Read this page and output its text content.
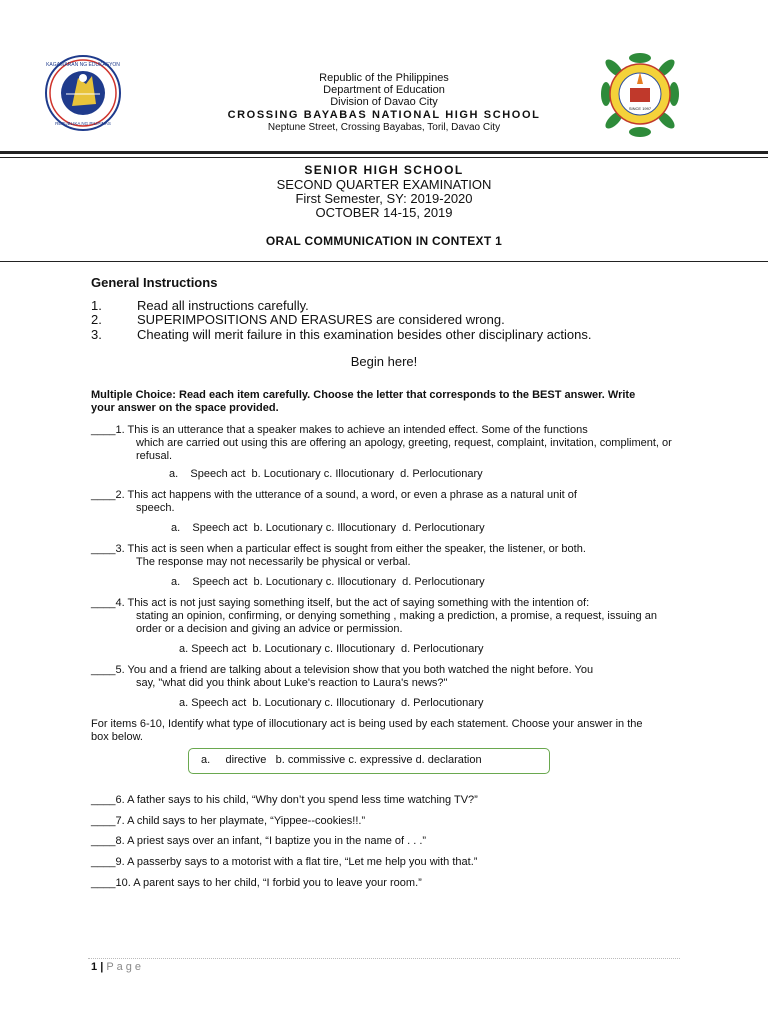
KAGAWARAN NG EDUKASYON
REPUBLIKA NG PILIPINAS
SINCE 1997
Republic of the Philippines
Department of Education
Division of Davao City
CROSSING BAYABAS NATIONAL HIGH SCHOOL
Neptune Street, Crossing Bayabas, Toril, Davao City
SENIOR HIGH SCHOOL
SECOND QUARTER EXAMINATION
First Semester, SY: 2019-2020
OCTOBER 14-15, 2019
ORAL COMMUNICATION IN CONTEXT 1
General Instructions
1.	Read all instructions carefully.
2.	SUPERIMPOSITIONS AND ERASURES are considered wrong.
3.	Cheating will merit failure in this examination besides other disciplinary actions.
Begin here!
Multiple Choice: Read each item carefully. Choose the letter that corresponds to the BEST answer. Write your answer on the space provided.
____1. This is an utterance that a speaker makes to achieve an intended effect. Some of the functions
which are carried out using this are offering an apology, greeting, request, complaint, invitation, compliment, or refusal.
a.    Speech act  b. Locutionary c. Illocutionary  d. Perlocutionary
____2. This act happens with the utterance of a sound, a word, or even a phrase as a natural unit of
speech.
a.    Speech act  b. Locutionary c. Illocutionary  d. Perlocutionary
____3. This act is seen when a particular effect is sought from either the speaker, the listener, or both.
The response may not necessarily be physical or verbal.
a.    Speech act  b. Locutionary c. Illocutionary  d. Perlocutionary
____4. This act is not just saying something itself, but the act of saying something with the intention of:
stating an opinion, confirming, or denying something , making a prediction, a promise, a request, issuing an order or a decision and giving an advice or permission.
a. Speech act  b. Locutionary c. Illocutionary  d. Perlocutionary
____5. You and a friend are talking about a television show that you both watched the night before. You
say, "what did you think about Luke's reaction to Laura's news?"
a. Speech act  b. Locutionary c. Illocutionary  d. Perlocutionary
For items 6-10, Identify what type of illocutionary act is being used by each statement. Choose your answer in the box below.
a.     directive   b. commissive c. expressive d. declaration
____6. A father says to his child, “Why don’t you spend less time watching TV?”
____7. A child says to her playmate, “Yippee--cookies!!.”
____8. A priest says over an infant, “I baptize you in the name of . . .”
____9. A passerby says to a motorist with a flat tire, “Let me help you with that.”
____10. A parent says to her child, “I forbid you to leave your room.”
1 | Page
